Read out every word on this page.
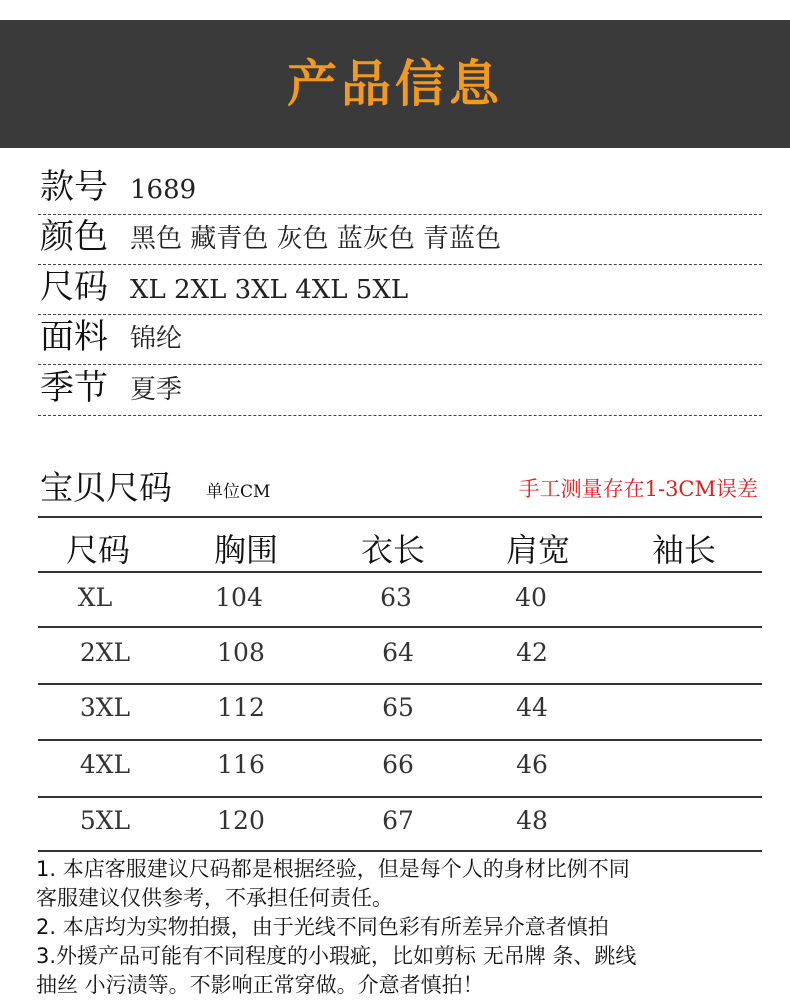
产品信息
款号 1689
颜色 黑色 藏青色 灰色 蓝灰色 青蓝色
尺码 XL 2XL 3XL 4XL 5XL
面料 锦纶
季节 夏季
宝贝尺码 单位CM	手工测量存在1-3CM误差
尺码	胸围	衣长	肩宽	袖长
XL	104	63	40
2XL	108	64	42
3XL	112	65	44
4XL	116	66	46
5XL	120	67	48
1. 本店客服建议尺码都是根据经验，但是每个人的身材比例不同
客服建议仅供参考，不承担任何责任。
2. 本店均为实物拍摄，由于光线不同色彩有所差异介意者慎拍
3.外援产品可能有不同程度的小瑕疵，比如剪标 无吊牌 条、跳线
抽丝 小污渍等。不影响正常穿做。介意者慎拍！
